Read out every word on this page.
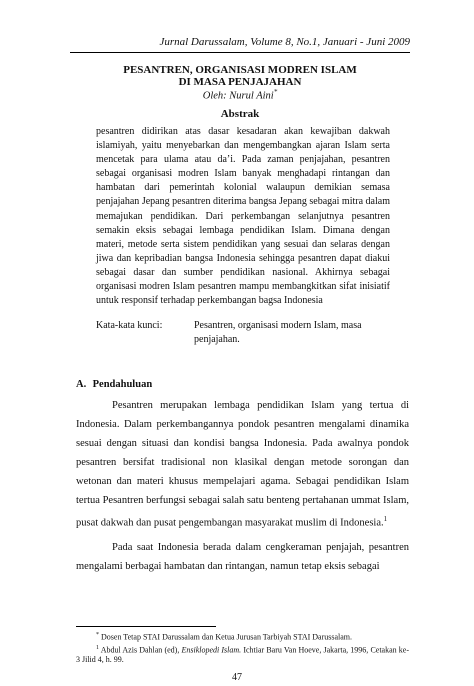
Jurnal Darussalam, Volume 8, No.1, Januari - Juni 2009
PESANTREN, ORGANISASI MODREN ISLAM
DI MASA PENJAJAHAN
Oleh: Nurul Aini*
Abstrak
pesantren didirikan atas dasar kesadaran akan kewajiban dakwah islamiyah, yaitu menyebarkan dan mengembangkan ajaran Islam serta mencetak para ulama atau da’i. Pada zaman penjajahan, pesantren sebagai organisasi modren Islam banyak menghadapi rintangan dan hambatan dari pemerintah kolonial walaupun demikian semasa penjajahan Jepang pesantren diterima bangsa Jepang sebagai mitra dalam memajukan pendidikan. Dari perkembangan selanjutnya pesantren semakin eksis sebagai lembaga pendidikan Islam. Dimana dengan materi, metode serta sistem pendidikan yang sesuai dan selaras dengan jiwa dan kepribadian bangsa Indonesia sehingga pesantren dapat diakui sebagai dasar dan sumber pendidikan nasional. Akhirnya sebagai organisasi modren Islam pesantren mampu membangkitkan sifat inisiatif untuk responsif terhadap perkembangan bagsa Indonesia
Kata-kata kunci:	Pesantren, organisasi modern Islam, masa penjajahan.
A. Pendahuluan

Pesantren merupakan lembaga pendidikan Islam yang tertua di Indonesia. Dalam perkembangannya pondok pesantren mengalami dinamika sesuai dengan situasi dan kondisi bangsa Indonesia. Pada awalnya pondok pesantren bersifat tradisional non klasikal dengan metode sorongan dan wetonan dan materi khusus mempelajari agama. Sebagai pendidikan Islam tertua Pesantren berfungsi sebagai salah satu benteng pertahanan ummat Islam, pusat dakwah dan pusat pengembangan masyarakat muslim di Indonesia.$^1$

Pada saat Indonesia berada dalam cengkeraman penjajah, pesantren mengalami berbagai hambatan dan rintangan, namun tetap eksis sebagai

* Dosen Tetap STAI Darussalam dan Ketua Jurusan Tarbiyah STAI Darussalam.
$^1$ Abdul Azis Dahlan (ed), Ensiklopedi Islam. Ichtiar Baru Van Hoeve, Jakarta, 1996, Cetakan ke-3 Jilid 4, h. 99.
47
